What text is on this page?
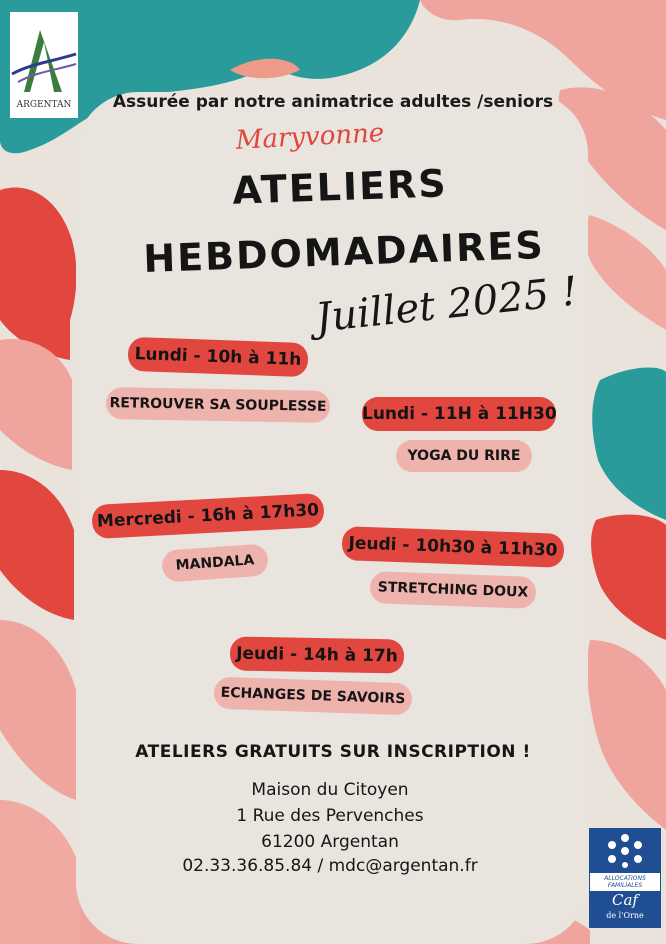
ARGENTAN	Assurée par notre animatrice adultes /seniors
Maryvonne
ATELIERS
HEBDOMADAIRES
Juillet 2025 !
Lundi - 10h à 11h
RETROUVER SA SOUPLESSE Lundi - 11H à 11H30
YOGA DU RIRE
Mercredi - 16h à 17h30
MANDALA
Jeudi - 10h30 à 11h30
STRETCHING DOUX
Jeudi - 14h à 17h
ECHANGES DE SAVOIRS
ATELIERS GRATUITS SUR INSCRIPTION !
Maison du Citoyen
1 Rue des Pervenches
61200 Argentan
02.33.36.85.84 / mdc@argentan.fr
ALLOCATIONS
FAMILIALES
Caf
de l'Orne
